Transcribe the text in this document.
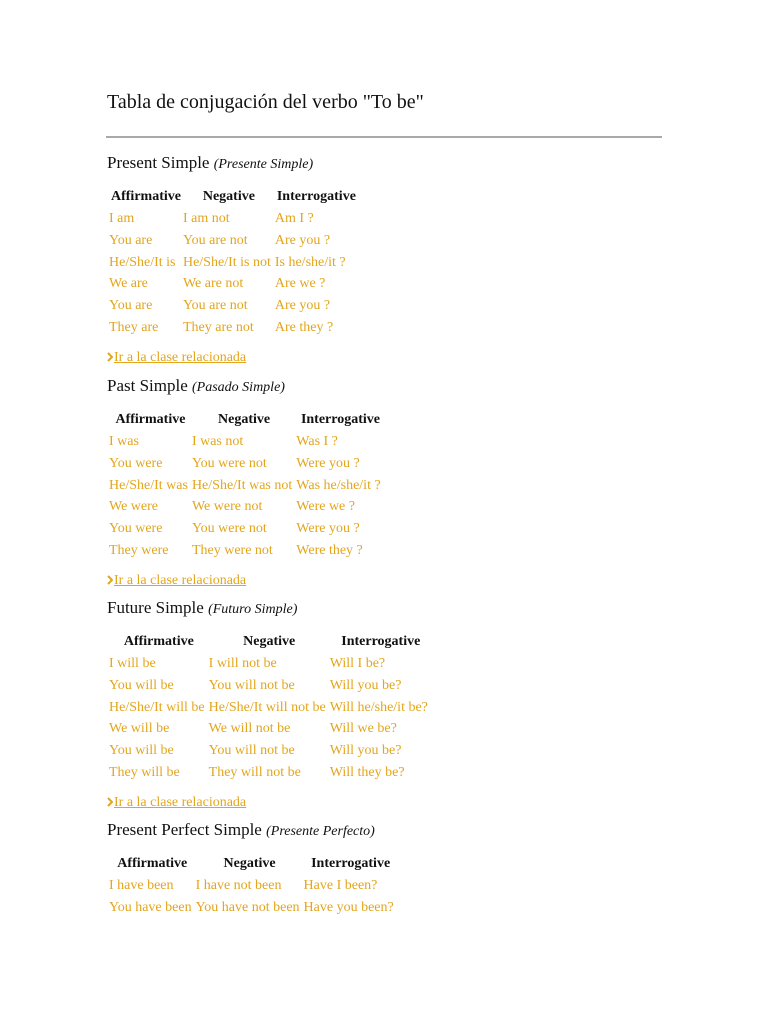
Tabla de conjugación del verbo "To be"
Present Simple (Presente Simple)
Affirmative	Negative	Interrogative
I am	I am not	Am I ?
You are	You are not	Are you ?
He/She/It is	He/She/It is not	Is he/she/it ?
We are	We are not	Are we ?
You are	You are not	Are you ?
They are	They are not	Are they ?
Ir a la clase relacionada
Past Simple (Pasado Simple)
Affirmative	Negative	Interrogative
I was	I was not	Was I ?
You were	You were not	Were you ?
He/She/It was	He/She/It was not	Was he/she/it ?
We were	We were not	Were we ?
You were	You were not	Were you ?
They were	They were not	Were they ?
Ir a la clase relacionada
Future Simple (Futuro Simple)
Affirmative	Negative	Interrogative
I will be	I will not be	Will I be?
You will be	You will not be	Will you be?
He/She/It will be	He/She/It will not be	Will he/she/it be?
We will be	We will not be	Will we be?
You will be	You will not be	Will you be?
They will be	They will not be	Will they be?
Ir a la clase relacionada
Present Perfect Simple (Presente Perfecto)
Affirmative	Negative	Interrogative
I have been	I have not been	Have I been?
You have been	You have not been	Have you been?
